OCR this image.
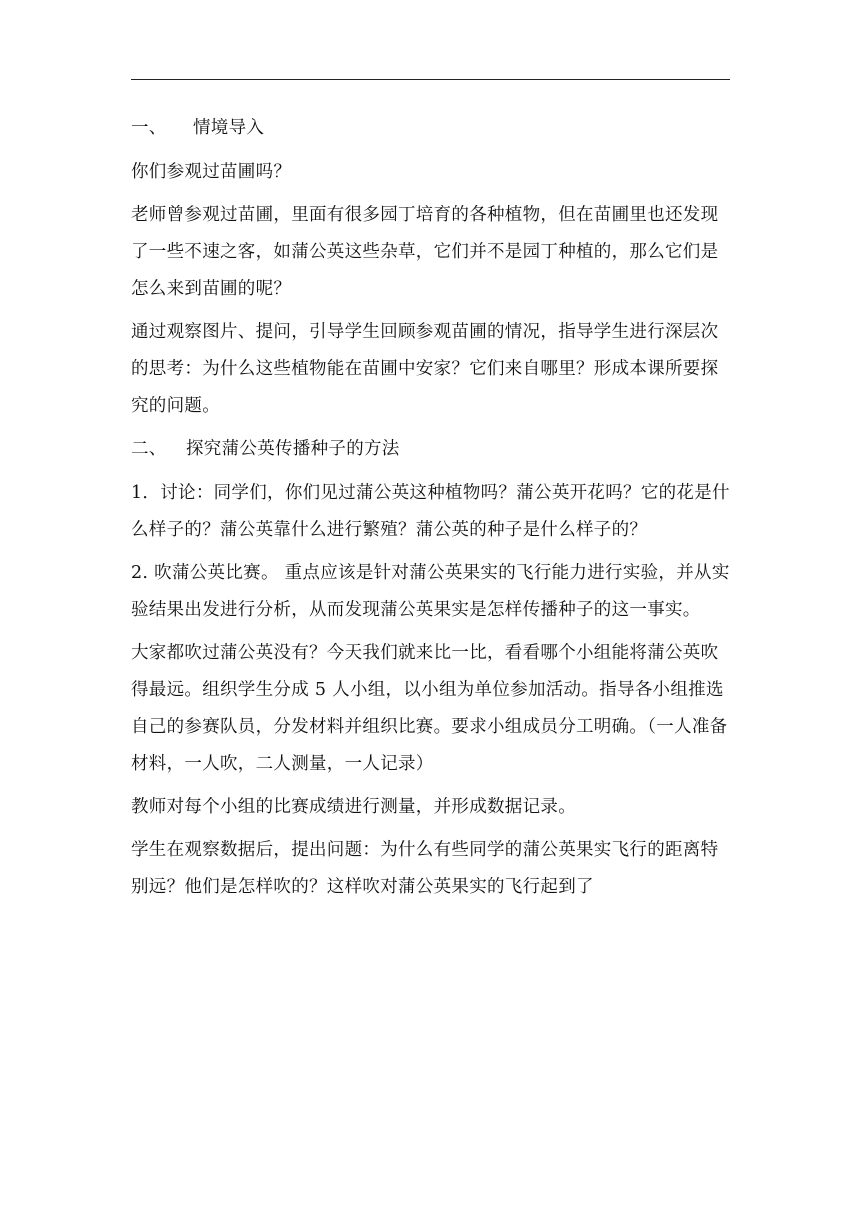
一、 情境导入

你们参观过苗圃吗？

老师曾参观过苗圃，里面有很多园丁培育的各种植物，但在苗圃里也还发现了一些不速之客，如蒲公英这些杂草，它们并不是园丁种植的，那么它们是怎么来到苗圃的呢？

通过观察图片、提问，引导学生回顾参观苗圃的情况，指导学生进行深层次的思考：为什么这些植物能在苗圃中安家？它们来自哪里？形成本课所要探究的问题。

二、 探究蒲公英传播种子的方法

1．讨论：同学们，你们见过蒲公英这种植物吗？蒲公英开花吗？它的花是什么样子的？蒲公英靠什么进行繁殖？蒲公英的种子是什么样子的？

2. 吹蒲公英比赛。 重点应该是针对蒲公英果实的飞行能力进行实验，并从实验结果出发进行分析，从而发现蒲公英果实是怎样传播种子的这一事实。

大家都吹过蒲公英没有？今天我们就来比一比，看看哪个小组能将蒲公英吹得最远。组织学生分成 5 人小组，以小组为单位参加活动。指导各小组推选自己的参赛队员，分发材料并组织比赛。要求小组成员分工明确。（一人准备材料，一人吹，二人测量，一人记录）

教师对每个小组的比赛成绩进行测量，并形成数据记录。

学生在观察数据后，提出问题：为什么有些同学的蒲公英果实飞行的距离特别远？他们是怎样吹的？这样吹对蒲公英果实的飞行起到了
